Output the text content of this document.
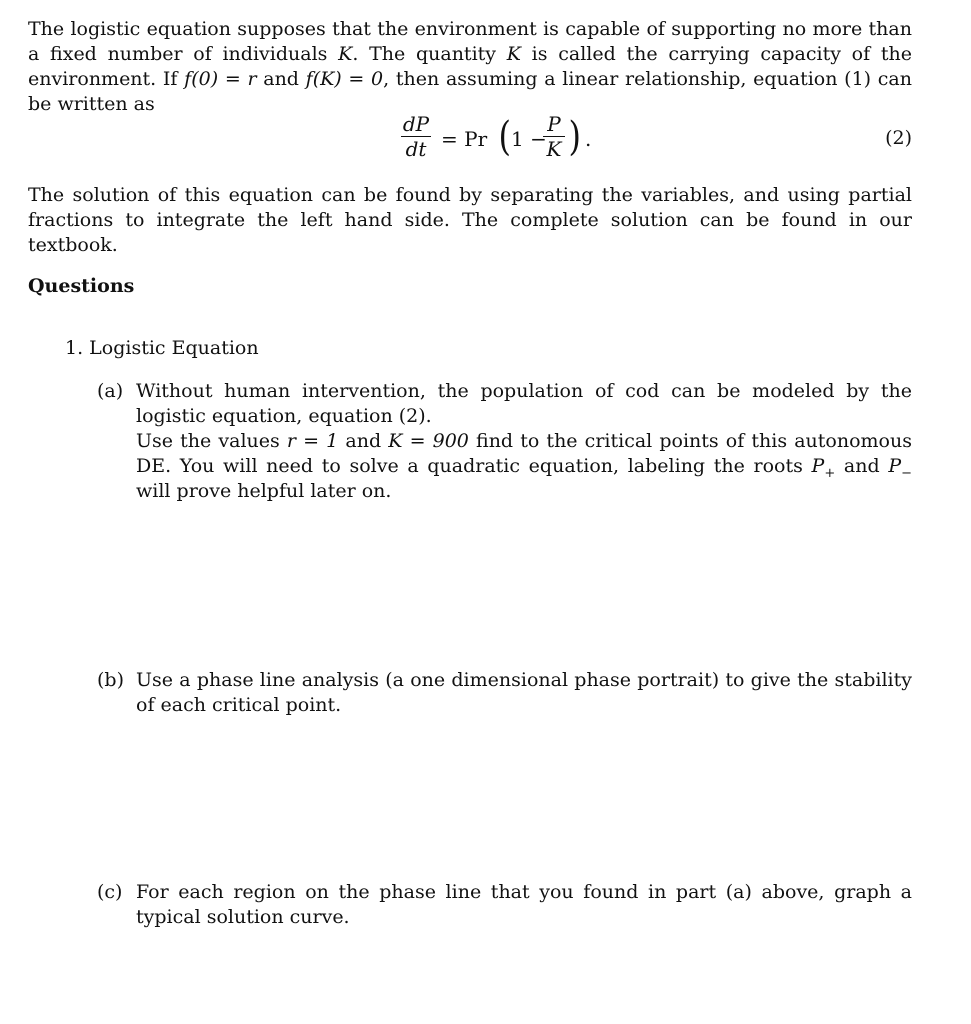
The logistic equation supposes that the environment is capable of supporting no more than a fixed number of individuals K. The quantity K is called the carrying capacity of the environment. If f(0) = r and f(K) = 0, then assuming a linear relationship, equation (1) can be written as

dP
dt = Pr ( 1 −
P
K ) .	(2)

The solution of this equation can be found by separating the variables, and using partial fractions to integrate the left hand side. The complete solution can be found in our textbook.

Questions
1. Logistic Equation
(a) Without human intervention, the population of cod can be modeled by the logistic equation, equation (2).
Use the values r = 1 and K = 900 find to the critical points of this autonomous DE. You will need to solve a quadratic equation, labeling the roots $P_+$ and $P_-$ will prove helpful later on.
(b) Use a phase line analysis (a one dimensional phase portrait) to give the stability of each critical point.
(c) For each region on the phase line that you found in part (a) above, graph a typical solution curve.
